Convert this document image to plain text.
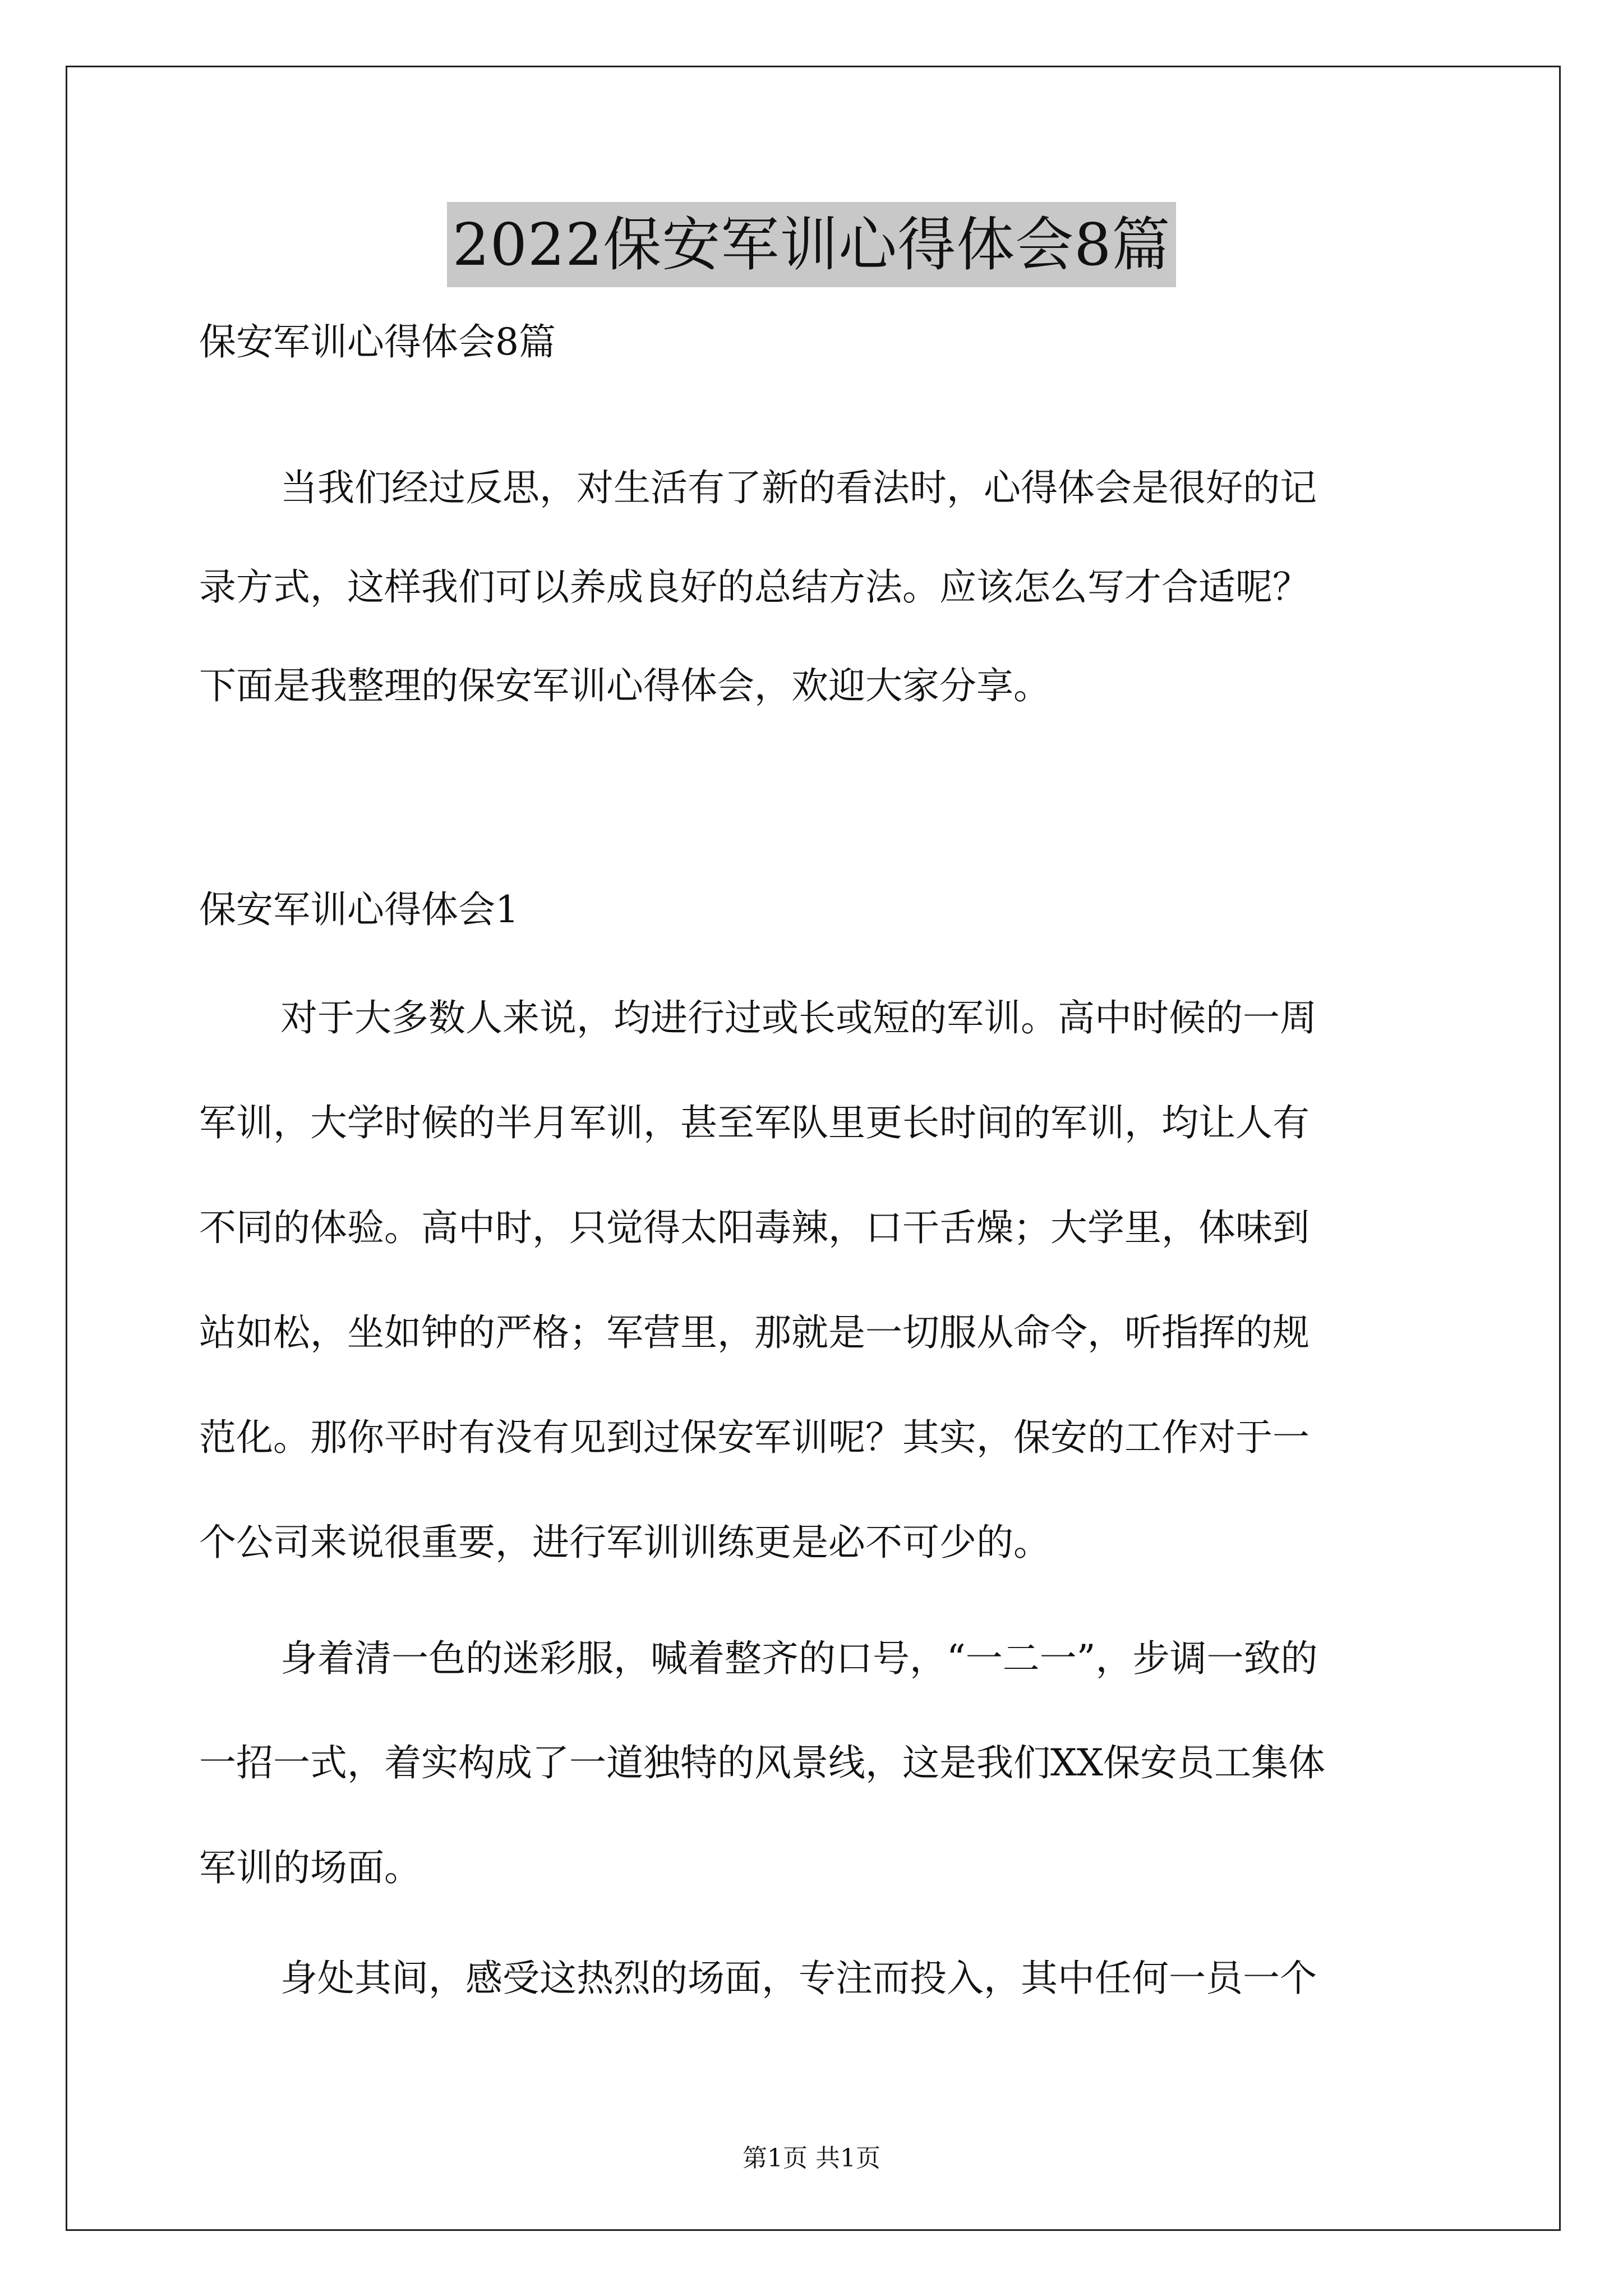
2022保安军训心得体会8篇
保安军训心得体会8篇
当我们经过反思，对生活有了新的看法时，心得体会是很好的记
录方式，这样我们可以养成良好的总结方法。应该怎么写才合适呢？
下面是我整理的保安军训心得体会，欢迎大家分享。
保安军训心得体会1
对于大多数人来说，均进行过或长或短的军训。高中时候的一周
军训，大学时候的半月军训，甚至军队里更长时间的军训，均让人有
不同的体验。高中时，只觉得太阳毒辣，口干舌燥；大学里，体味到
站如松，坐如钟的严格；军营里，那就是一切服从命令，听指挥的规
范化。那你平时有没有见到过保安军训呢？其实，保安的工作对于一
个公司来说很重要，进行军训训练更是必不可少的。
身着清一色的迷彩服，喊着整齐的口号，“一二一”，步调一致的
一招一式，着实构成了一道独特的风景线，这是我们XX保安员工集体
军训的场面。
身处其间，感受这热烈的场面，专注而投入，其中任何一员一个
第1页 共1页
